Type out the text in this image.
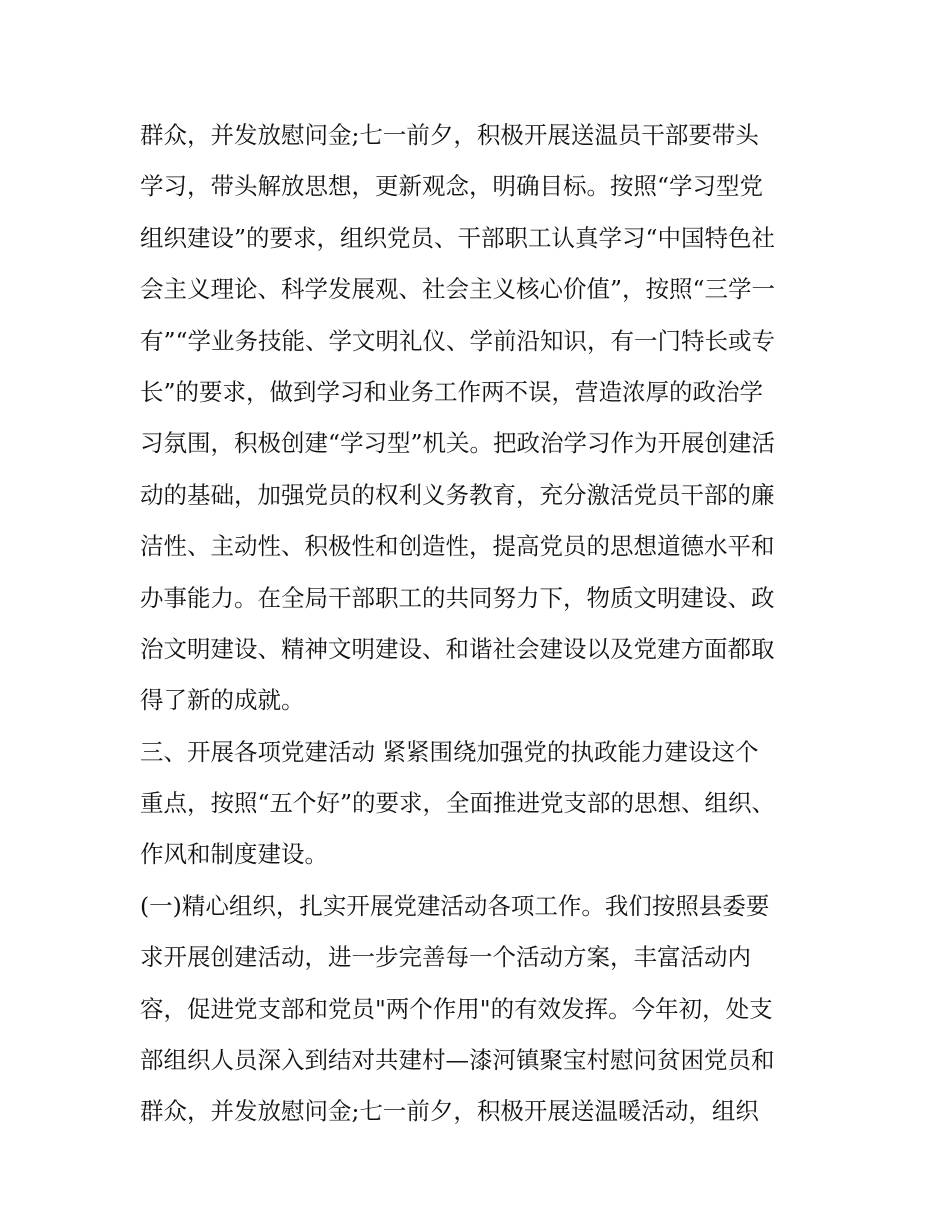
群众，并发放慰问金;七一前夕，积极开展送温员干部要带头
学习，带头解放思想，更新观念，明确目标。按照“学习型党
组织建设”的要求，组织党员、干部职工认真学习“中国特色社
会主义理论、科学发展观、社会主义核心价值”，按照“三学一
有”“学业务技能、学文明礼仪、学前沿知识，有一门特长或专
长”的要求，做到学习和业务工作两不误，营造浓厚的政治学
习氛围，积极创建“学习型”机关。把政治学习作为开展创建活
动的基础，加强党员的权利义务教育，充分激活党员干部的廉
洁性、主动性、积极性和创造性，提高党员的思想道德水平和
办事能力。在全局干部职工的共同努力下，物质文明建设、政
治文明建设、精神文明建设、和谐社会建设以及党建方面都取
得了新的成就。
三、开展各项党建活动 紧紧围绕加强党的执政能力建设这个
重点，按照“五个好”的要求，全面推进党支部的思想、组织、
作风和制度建设。
(一)精心组织，扎实开展党建活动各项工作。我们按照县委要
求开展创建活动，进一步完善每一个活动方案，丰富活动内
容，促进党支部和党员"两个作用"的有效发挥。今年初，处支
部组织人员深入到结对共建村—漆河镇聚宝村慰问贫困党员和
群众，并发放慰问金;七一前夕，积极开展送温暖活动，组织
